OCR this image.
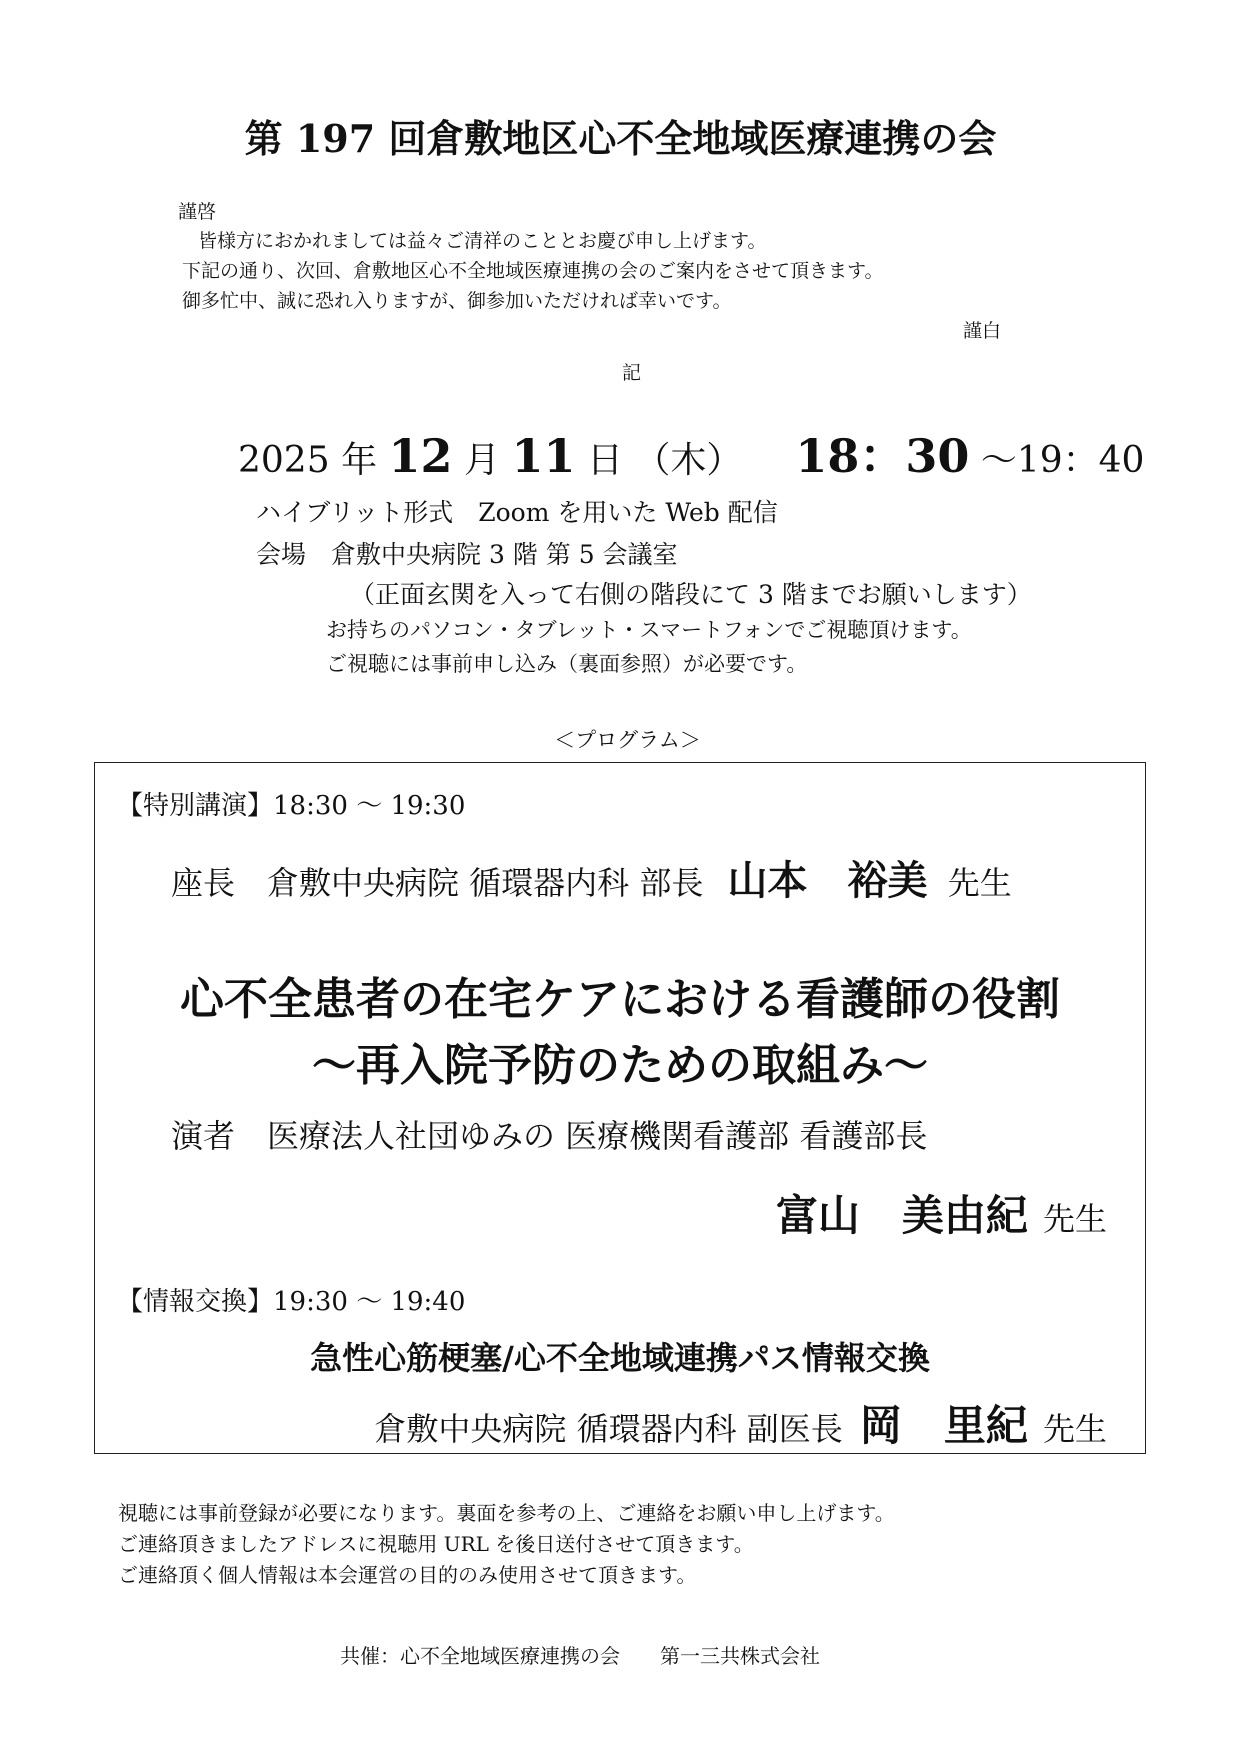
第 197 回倉敷地区心不全地域医療連携の会
謹啓
皆様方におかれましては益々ご清祥のこととお慶び申し上げます。
下記の通り、次回、倉敷地区心不全地域医療連携の会のご案内をさせて頂きます。
御多忙中、誠に恐れ入りますが、御参加いただければ幸いです。
謹白
記
2025 年 12 月 11 日 （木） 18：30 ～19：40
ハイブリット形式　Zoom を用いた Web 配信
会場　倉敷中央病院 3 階 第 5 会議室
（正面玄関を入って右側の階段にて 3 階までお願いします）
お持ちのパソコン・タブレット・スマートフォンでご視聴頂けます。
ご視聴には事前申し込み（裏面参照）が必要です。
＜プログラム＞
【特別講演】18:30 ～ 19:30
座長　倉敷中央病院 循環器内科 部長 山本　裕美 先生
心不全患者の在宅ケアにおける看護師の役割
～再入院予防のための取組み～
演者　医療法人社団ゆみの 医療機関看護部 看護部長
富山　美由紀 先生
【情報交換】19:30 ～ 19:40
急性心筋梗塞/心不全地域連携パス情報交換
倉敷中央病院 循環器内科 副医長 岡　里紀 先生
視聴には事前登録が必要になります。裏面を参考の上、ご連絡をお願い申し上げます。
ご連絡頂きましたアドレスに視聴用 URL を後日送付させて頂きます。
ご連絡頂く個人情報は本会運営の目的のみ使用させて頂きます。
共催：心不全地域医療連携の会　　第一三共株式会社
